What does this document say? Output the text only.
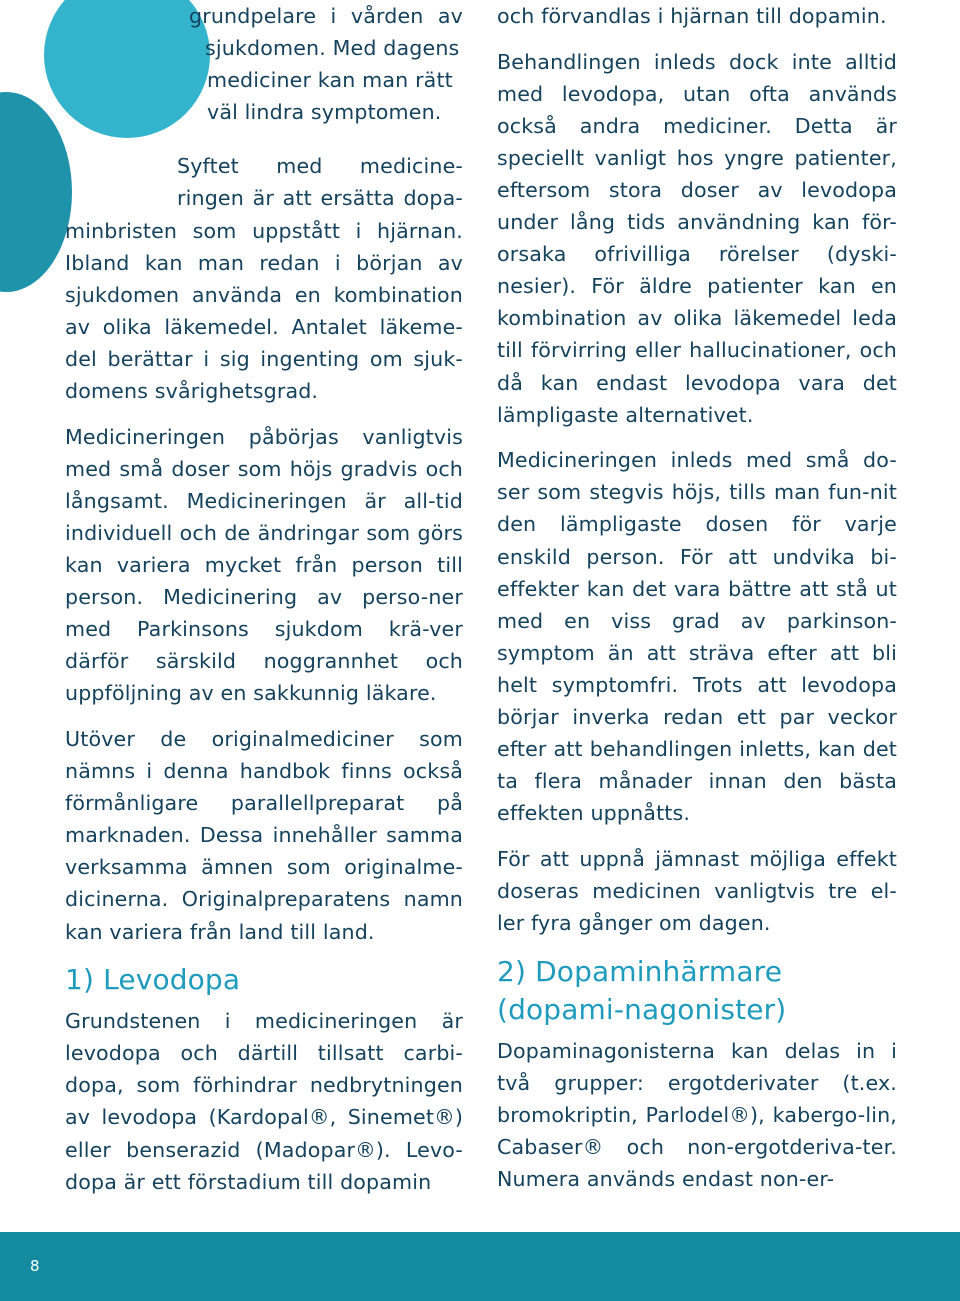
grundpelare i vården av
sjukdomen. Med dagens
mediciner kan man rätt
väl lindra symptomen.

Syftet med medicine-
ringen är att ersätta dopa-
minbristen som uppstått i hjärnan. Ibland kan man redan i början av sjukdomen använda en kombination av olika läkemedel. Antalet läkeme-del berättar i sig ingenting om sjuk-domens svårighetsgrad.

Medicineringen påbörjas vanligtvis med små doser som höjs gradvis och långsamt. Medicineringen är all-tid individuell och de ändringar som görs kan variera mycket från person till person. Medicinering av perso-ner med Parkinsons sjukdom krä-ver därför särskild noggrannhet och uppföljning av en sakkunnig läkare.

Utöver de originalmediciner som nämns i denna handbok finns också förmånligare parallellpreparat på marknaden. Dessa innehåller samma verksamma ämnen som originalme-dicinerna. Originalpreparatens namn kan variera från land till land.

1) Levodopa

Grundstenen i medicineringen är levodopa och därtill tillsatt carbi-dopa, som förhindrar nedbrytningen av levodopa (Kardopal®, Sinemet®) eller benserazid (Madopar®). Levo-dopa är ett förstadium till dopamin

och förvandlas i hjärnan till dopamin.

Behandlingen inleds dock inte alltid med levodopa, utan ofta används också andra mediciner. Detta är speciellt vanligt hos yngre patienter, eftersom stora doser av levodopa under lång tids användning kan för-orsaka ofrivilliga rörelser (dyski-nesier). För äldre patienter kan en kombination av olika läkemedel leda till förvirring eller hallucinationer, och då kan endast levodopa vara det lämpligaste alternativet.

Medicineringen inleds med små do-ser som stegvis höjs, tills man fun-nit den lämpligaste dosen för varje enskild person. För att undvika bi-effekter kan det vara bättre att stå ut med en viss grad av parkinson-symptom än att sträva efter att bli helt symptomfri. Trots att levodopa börjar inverka redan ett par veckor efter att behandlingen inletts, kan det ta flera månader innan den bästa effekten uppnåtts.

För att uppnå jämnast möjliga effekt doseras medicinen vanligtvis tre el-ler fyra gånger om dagen.

2) Dopaminhärmare (dopami-nagonister)

Dopaminagonisterna kan delas in i två grupper: ergotderivater (t.ex. bromokriptin, Parlodel®), kabergo-lin, Cabaser® och non-ergotderiva-ter. Numera används endast non-er-

8
